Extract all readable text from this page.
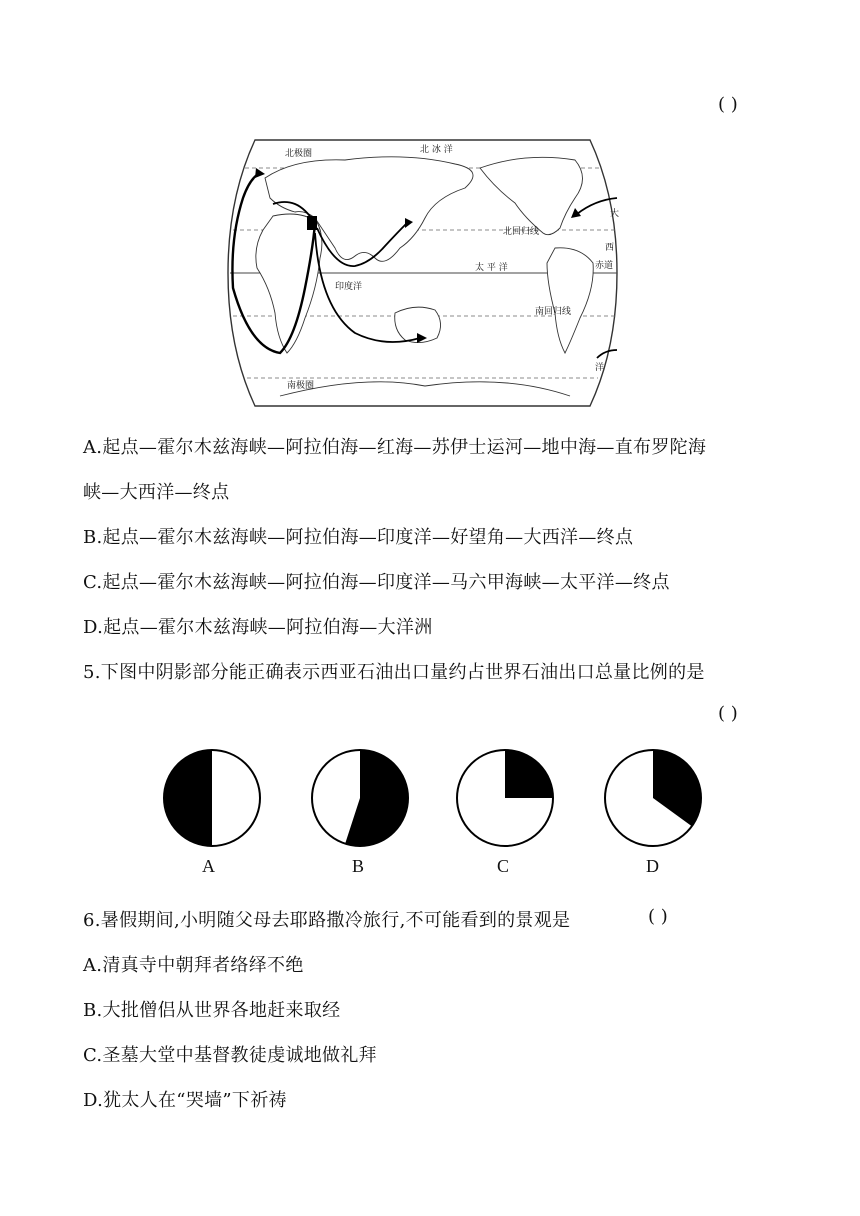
( )
北极圈	北 冰 洋
北回归线
太 平 洋
印度洋
南回归线
南极圈
大
西
赤道
洋
A.起点—霍尔木兹海峡—阿拉伯海—红海—苏伊士运河—地中海—直布罗陀海
峡—大西洋—终点
B.起点—霍尔木兹海峡—阿拉伯海—印度洋—好望角—大西洋—终点
C.起点—霍尔木兹海峡—阿拉伯海—印度洋—马六甲海峡—太平洋—终点
D.起点—霍尔木兹海峡—阿拉伯海—大洋洲
5.下图中阴影部分能正确表示西亚石油出口量约占世界石油出口总量比例的是
( )
A	B	C	D
6.暑假期间,小明随父母去耶路撒冷旅行,不可能看到的景观是	( )
A.清真寺中朝拜者络绎不绝
B.大批僧侣从世界各地赶来取经
C.圣墓大堂中基督教徒虔诚地做礼拜
D.犹太人在“哭墙”下祈祷
